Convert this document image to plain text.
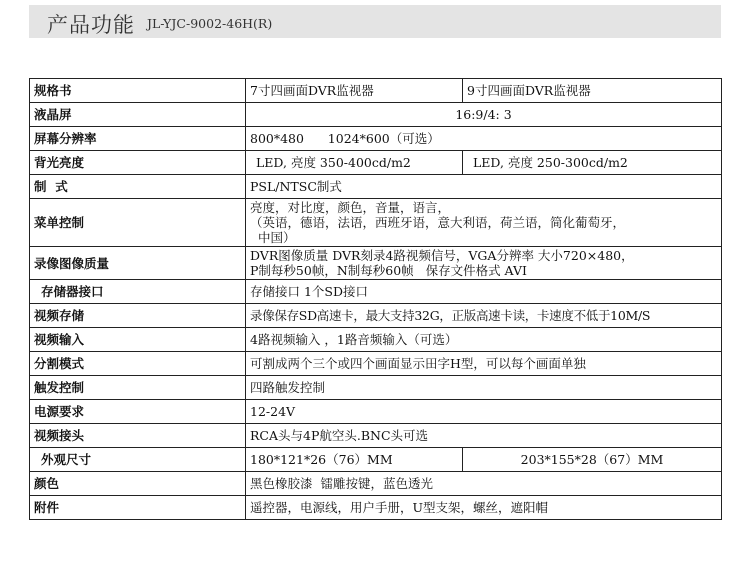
产品功能 JL-YJC-9002-46H(R)
规格书	7寸四画面DVR监视器	9寸四画面DVR监视器
液晶屏	16:9/4: 3	
屏幕分辨率	800*480      1024*600（可选）	
背光亮度	LED, 亮度 350-400cd/m2	LED, 亮度 250-300cd/m2
制  式	PSL/NTSC制式	
菜单控制	亮度，对比度，颜色，音量，语言，
（英语，德语，法语，西班牙语，意大利语，荷兰语，简化葡萄牙，
中国）	

录像图像质量	DVR图像质量 DVR刻录4路视频信号，VGA分辨率 大小720×480，
P制每秒50帧，N制每秒60帧   保存文件格式 AVI	

存储器接口	存储接口 1个SD接口	
视频存储	录像保存SD高速卡，最大支持32G，正版高速卡读，卡速度不低于10M/S	
视频输入	4路视频输入 ，1路音频输入（可选）	
分割模式	可割成两个三个或四个画面显示田字H型，可以每个画面单独	
触发控制	四路触发控制	
电源要求	12-24V	
视频接头	RCA头与4P航空头.BNC头可选	
外观尺寸	180*121*26（76）MM	203*155*28（67）MM
颜色	黑色橡胶漆  镭雕按键，蓝色透光	
附件	遥控器，电源线，用户手册，U型支架，螺丝，遮阳帽	
